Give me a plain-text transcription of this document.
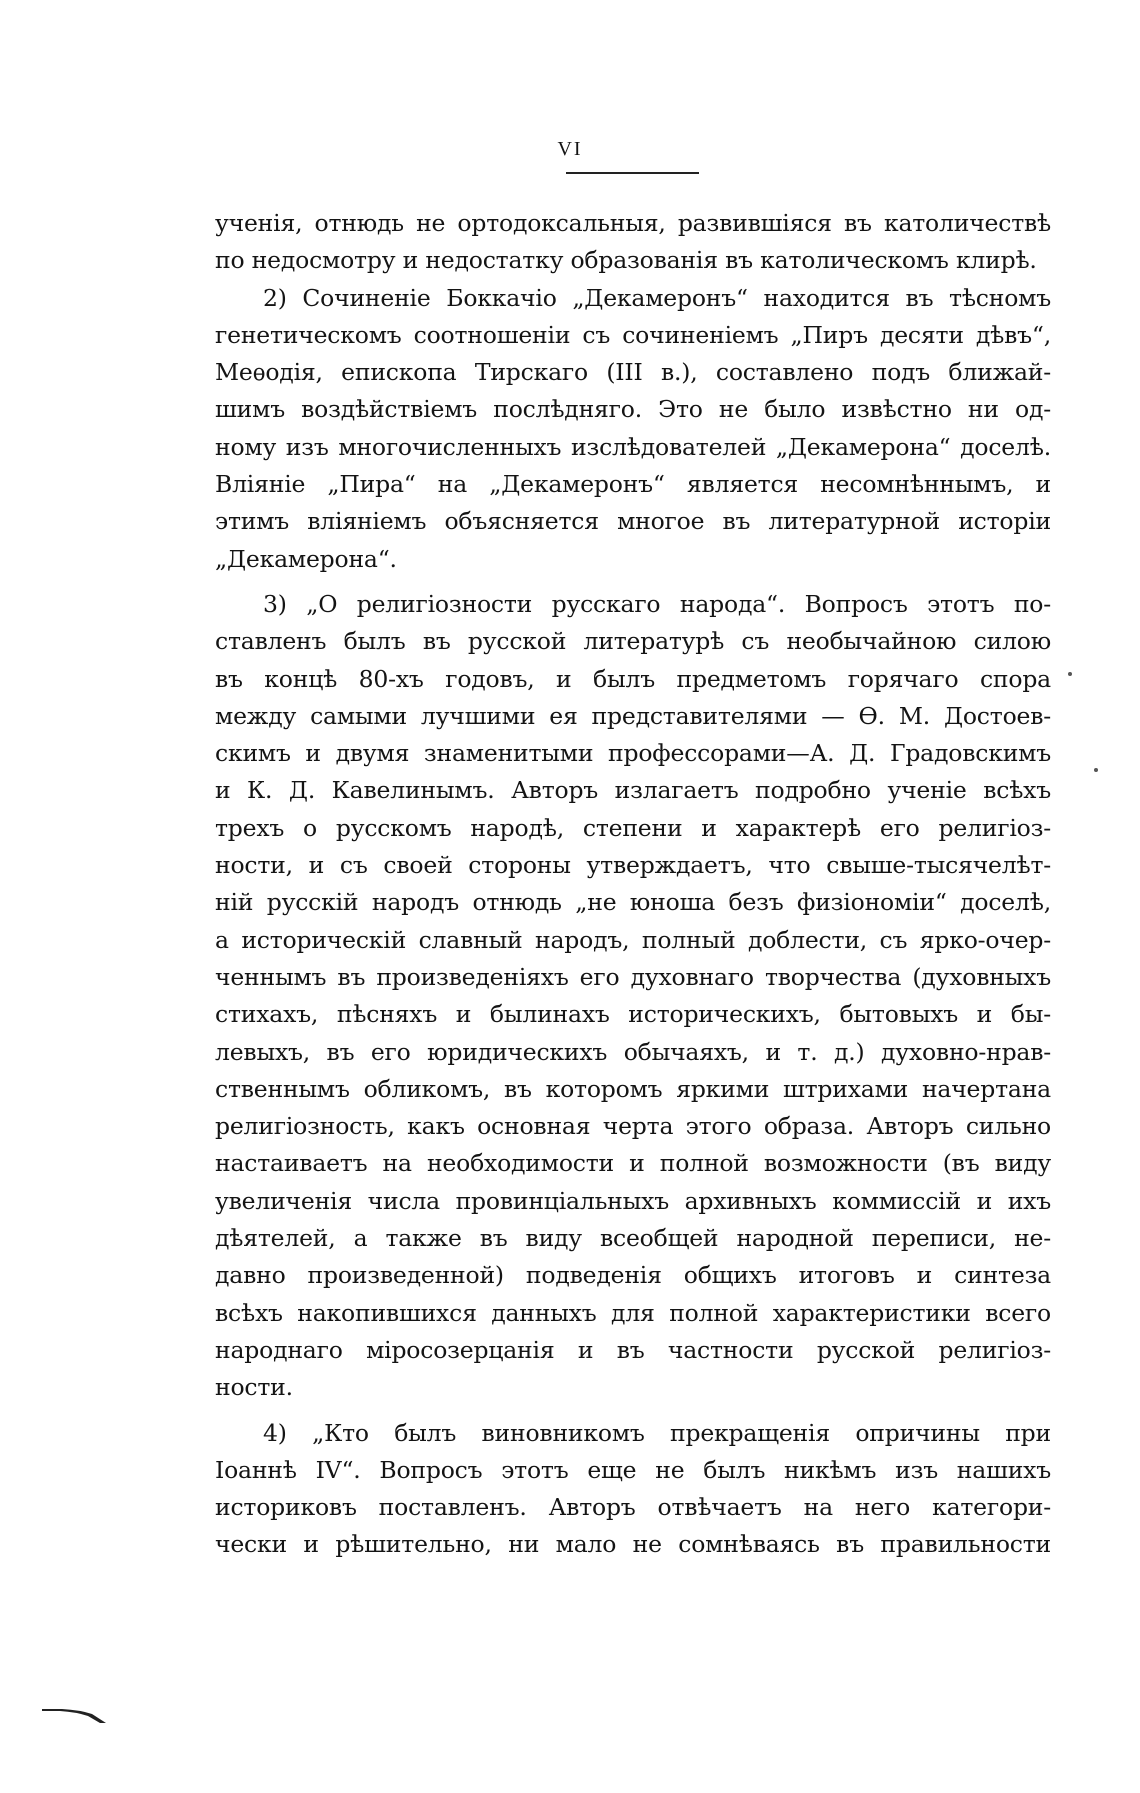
VI
ученія, отнюдь не ортодоксальныя, развившіяся въ католичествѣ
по недосмотру и недостатку образованія въ католическомъ клирѣ.
2) Сочиненіе Боккачіо „Декамеронъ“ находится въ тѣсномъ
генетическомъ соотношеніи съ сочиненіемъ „Пиръ десяти дѣвъ“,
Меѳодія, епископа Тирскаго (III в.), составлено подъ ближай-
шимъ воздѣйствіемъ послѣдняго. Это не было извѣстно ни од-
ному изъ многочисленныхъ изслѣдователей „Декамерона“ доселѣ.
Вліяніе „Пира“ на „Декамеронъ“ является несомнѣннымъ, и
этимъ вліяніемъ объясняется многое въ литературной исторіи
„Декамерона“.
3) „О религіозности русскаго народа“. Вопросъ этотъ по-
ставленъ былъ въ русской литературѣ съ необычайною силою
въ концѣ 80-хъ годовъ, и былъ предметомъ горячаго спора
между самыми лучшими ея представителями — Ѳ. М. Достоев-
скимъ и двумя знаменитыми профессорами—А. Д. Градовскимъ
и К. Д. Кавелинымъ. Авторъ излагаетъ подробно ученіе всѣхъ
трехъ о русскомъ народѣ, степени и характерѣ его религіоз-
ности, и съ своей стороны утверждаетъ, что свыше-тысячелѣт-
ній русскій народъ отнюдь „не юноша безъ физіономіи“ доселѣ,
а историческій славный народъ, полный доблести, съ ярко-очер-
ченнымъ въ произведеніяхъ его духовнаго творчества (духовныхъ
стихахъ, пѣсняхъ и былинахъ историческихъ, бытовыхъ и бы-
левыхъ, въ его юридическихъ обычаяхъ, и т. д.) духовно-нрав-
ственнымъ обликомъ, въ которомъ яркими штрихами начертана
религіозность, какъ основная черта этого образа. Авторъ сильно
настаиваетъ на необходимости и полной возможности (въ виду
увеличенія числа провинціальныхъ архивныхъ коммиссій и ихъ
дѣятелей, а также въ виду всеобщей народной переписи, не-
давно произведенной) подведенія общихъ итоговъ и синтеза
всѣхъ накопившихся данныхъ для полной характеристики всего
народнаго міросозерцанія и въ частности русской религіоз-
ности.
4) „Кто былъ виновникомъ прекращенія опричины при
Іоаннѣ IV“. Вопросъ этотъ еще не былъ никѣмъ изъ нашихъ
историковъ поставленъ. Авторъ отвѣчаетъ на него категори-
чески и рѣшительно, ни мало не сомнѣваясь въ правильности
